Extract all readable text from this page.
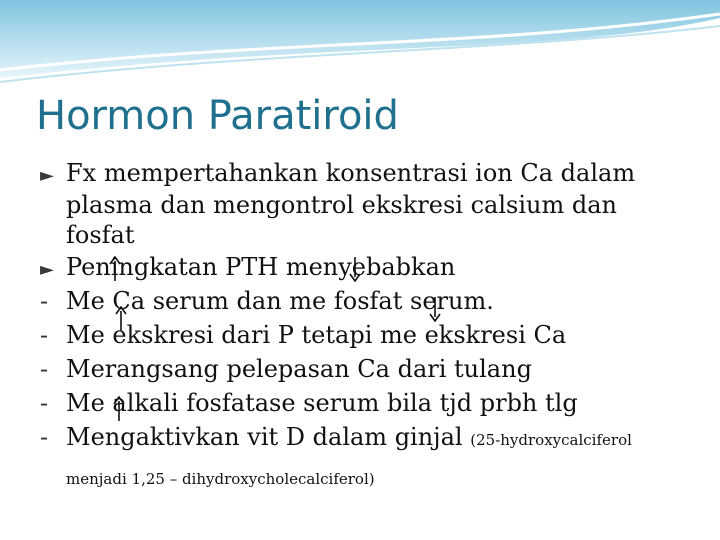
Hormon Paratiroid
► Fx mempertahankan konsentrasi ion Ca dalam
plasma dan mengontrol ekskresi calsium dan
fosfat
► Peningkatan PTH menyebabkan
- Me Ca serum dan me fosfat serum.
- Me ekskresi dari P tetapi me ekskresi Ca
- Merangsang pelepasan Ca dari tulang
- Me alkali fosfatase serum bila tjd prbh tlg
- Mengaktivkan vit D dalam ginjal (25-hydroxycalciferol
menjadi 1,25 – dihydroxycholecalciferol)
